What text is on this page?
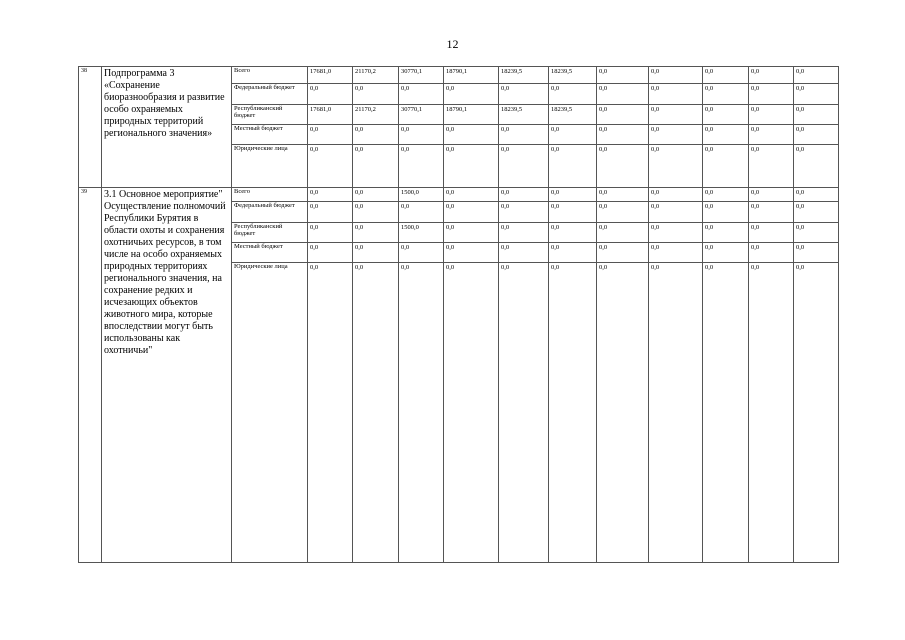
12
38	Подпрограмма 3 «Сохранение биоразнообразия и развитие особо охраняемых природных территорий регионального значения»	Всего	17681,0	21170,2	30770,1	18790,1	18239,5	18239,5	0,0	0,0	0,0	0,0	0,0
		Федеральный бюджет	0,0	0,0	0,0	0,0	0,0	0,0	0,0	0,0	0,0	0,0	0,0
		Республиканский бюджет	17681,0	21170,2	30770,1	18790,1	18239,5	18239,5	0,0	0,0	0,0	0,0	0,0
		Местный бюджет	0,0	0,0	0,0	0,0	0,0	0,0	0,0	0,0	0,0	0,0	0,0
		Юридические лица	0,0	0,0	0,0	0,0	0,0	0,0	0,0	0,0	0,0	0,0	0,0
39	3.1 Основное мероприятие" Осуществление полномочий Республики Бурятия в области охоты и сохранения охотничьих ресурсов, в том числе на особо охраняемых природных территориях регионального значения, на сохранение редких и исчезающих объектов животного мира, которые впоследствии могут быть использованы как охотничьи"	Всего	0,0	0,0	1500,0	0,0	0,0	0,0	0,0	0,0	0,0	0,0	0,0
		Федеральный бюджет	0,0	0,0	0,0	0,0	0,0	0,0	0,0	0,0	0,0	0,0	0,0
		Республиканский бюджет	0,0	0,0	1500,0	0,0	0,0	0,0	0,0	0,0	0,0	0,0	0,0
		Местный бюджет	0,0	0,0	0,0	0,0	0,0	0,0	0,0	0,0	0,0	0,0	0,0
		Юридические лица	0,0	0,0	0,0	0,0	0,0	0,0	0,0	0,0	0,0	0,0	0,0
